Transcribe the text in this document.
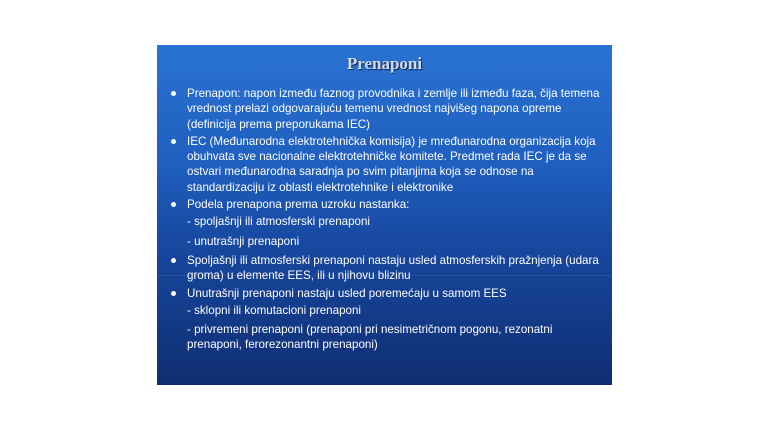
Prenaponi
Prenapon: napon između faznog provodnika i zemlje ili između faza, čija temena vrednost prelazi odgovarajuću temenu vrednost najvišeg napona opreme (definicija prema preporukama IEC)
IEC (Međunarodna elektrotehnička komisija) je mređunarodna organizacija koja obuhvata sve nacionalne elektrotehničke komitete. Predmet rada IEC je da se ostvari međunarodna saradnja po svim pitanjima koja se odnose na standardizaciju iz oblasti elektrotehnike i elektronike
Podela prenapona prema uzroku nastanka:
- spoljašnji ili atmosferski prenaponi
- unutrašnji prenaponi
Spoljašnji ili atmosferski prenaponi nastaju usled atmosferskih pražnjenja (udara groma) u elemente EES, ili u njihovu blizinu
Unutrašnji prenaponi nastaju usled poremećaju u samom EES
- sklopni ili komutacioni prenaponi
- privremeni prenaponi (prenaponi pri nesimetričnom pogonu, rezonatni prenaponi, ferorezonantni prenaponi)
